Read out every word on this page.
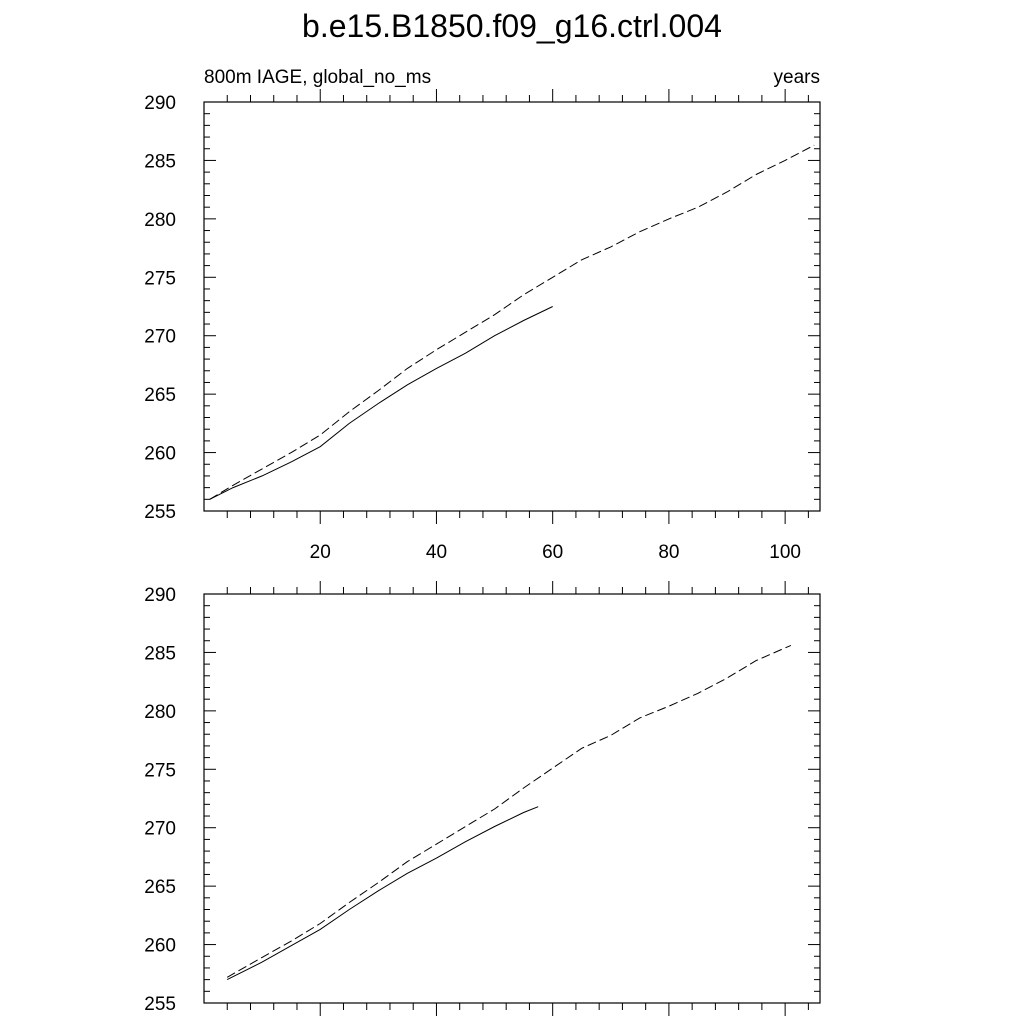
b.e15.B1850.f09_g16.ctrl.004
255
260
265
270
275
280
285
290
20	40	60	80	100
800m IAGE, global_no_ms	years
255
260
265
270
275
280
285
290
